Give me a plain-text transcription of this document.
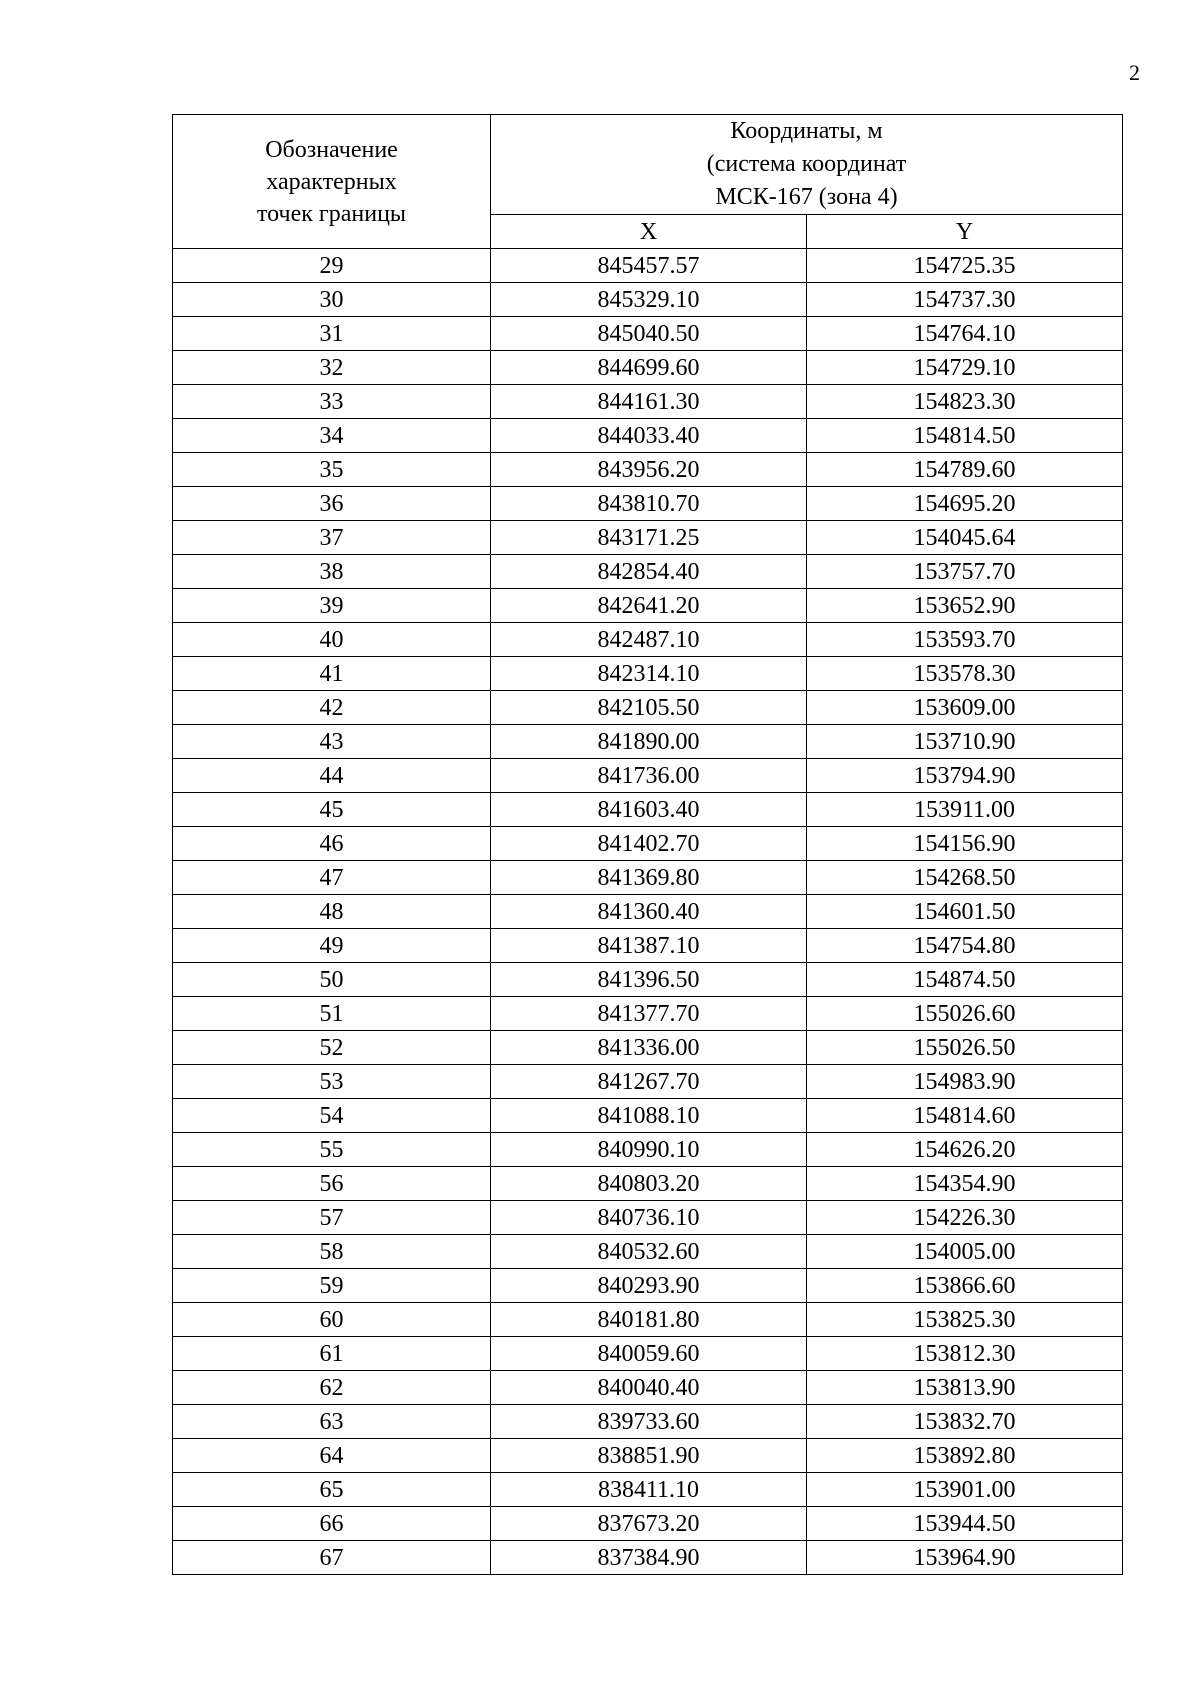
2
Обозначение
характерных
точек границы	Координаты, м
(система координат
МСК-167 (зона 4)	

	X	Y
29	845457.57	154725.35
30	845329.10	154737.30
31	845040.50	154764.10
32	844699.60	154729.10
33	844161.30	154823.30
34	844033.40	154814.50
35	843956.20	154789.60
36	843810.70	154695.20
37	843171.25	154045.64
38	842854.40	153757.70
39	842641.20	153652.90
40	842487.10	153593.70
41	842314.10	153578.30
42	842105.50	153609.00
43	841890.00	153710.90
44	841736.00	153794.90
45	841603.40	153911.00
46	841402.70	154156.90
47	841369.80	154268.50
48	841360.40	154601.50
49	841387.10	154754.80
50	841396.50	154874.50
51	841377.70	155026.60
52	841336.00	155026.50
53	841267.70	154983.90
54	841088.10	154814.60
55	840990.10	154626.20
56	840803.20	154354.90
57	840736.10	154226.30
58	840532.60	154005.00
59	840293.90	153866.60
60	840181.80	153825.30
61	840059.60	153812.30
62	840040.40	153813.90
63	839733.60	153832.70
64	838851.90	153892.80
65	838411.10	153901.00
66	837673.20	153944.50
67	837384.90	153964.90
